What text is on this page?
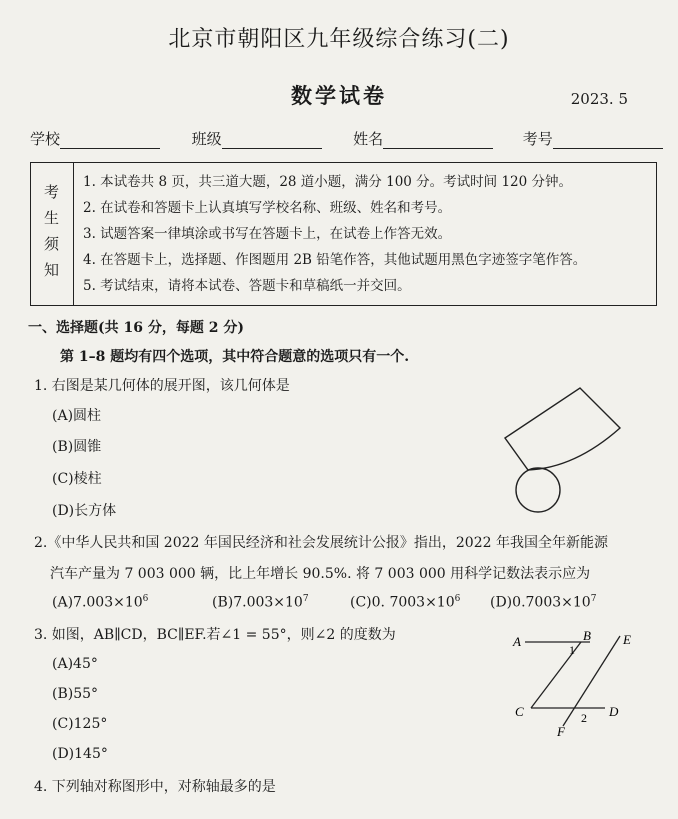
北京市朝阳区九年级综合练习(二)
数学试卷	2023. 5
学校	班级	姓名	考号
考
生
须
知
1. 本试卷共 8 页，共三道大题，28 道小题，满分 100 分。考试时间 120 分钟。
2. 在试卷和答题卡上认真填写学校名称、班级、姓名和考号。
3. 试题答案一律填涂或书写在答题卡上，在试卷上作答无效。
4. 在答题卡上，选择题、作图题用 2B 铅笔作答，其他试题用黑色字迹签字笔作答。
5. 考试结束，请将本试卷、答题卡和草稿纸一并交回。
一、选择题(共 16 分，每题 2 分)
第 1–8 题均有四个选项，其中符合题意的选项只有一个.
1. 右图是某几何体的展开图，该几何体是
(A)圆柱
(B)圆锥
(C)棱柱
(D)长方体
2.《中华人民共和国 2022 年国民经济和社会发展统计公报》指出，2022 年我国全年新能源
汽车产量为 7 003 000 辆，比上年增长 90.5%. 将 7 003 000 用科学记数法表示应为
$(A)7.003\times 10^6$	$(B)7.003\times 10^7$	(C)0. $7003\times 10^6$ $(D)0.7003\times 10^7$
3. 如图，AB∥CD，BC∥EF.若∠1 = 55°，则∠2 的度数为
(A)45°
(B)55°
(C)125°
(D)145°
A	B E
C	D
F
1
2
4. 下列轴对称图形中，对称轴最多的是
